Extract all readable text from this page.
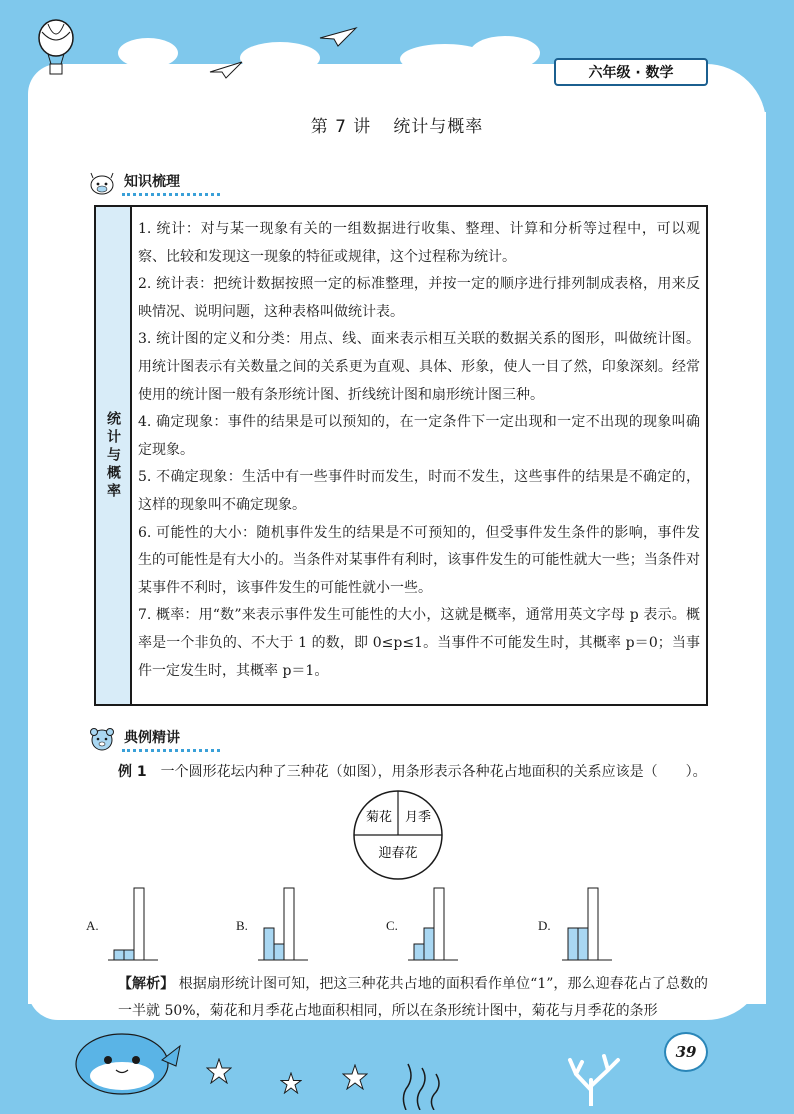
六年级 · 数学
第 7 讲 统计与概率
知识梳理
统计与概率
1. 统计：对与某一现象有关的一组数据进行收集、整理、计算和分析等过程中，可以观察、比较和发现这一现象的特征或规律，这个过程称为统计。
2. 统计表：把统计数据按照一定的标准整理，并按一定的顺序进行排列制成表格，用来反映情况、说明问题，这种表格叫做统计表。
3. 统计图的定义和分类：用点、线、面来表示相互关联的数据关系的图形，叫做统计图。用统计图表示有关数量之间的关系更为直观、具体、形象，使人一目了然，印象深刻。经常使用的统计图一般有条形统计图、折线统计图和扇形统计图三种。
4. 确定现象：事件的结果是可以预知的，在一定条件下一定出现和一定不出现的现象叫确定现象。
5. 不确定现象：生活中有一些事件时而发生，时而不发生，这些事件的结果是不确定的，这样的现象叫不确定现象。
6. 可能性的大小：随机事件发生的结果是不可预知的，但受事件发生条件的影响，事件发生的可能性是有大小的。当条件对某事件有利时，该事件发生的可能性就大一些；当条件对某事件不利时，该事件发生的可能性就小一些。
7. 概率：用“数”来表示事件发生可能性的大小，这就是概率，通常用英文字母 p 表示。概率是一个非负的、不大于 1 的数，即 0≤p≤1。当事件不可能发生时，其概率 p＝0；当事件一定发生时，其概率 p＝1。
典例精讲
例 1 一个圆形花坛内种了三种花（如图），用条形表示各种花占地面积的关系应该是（　　）。
菊花 月季
迎春花
A.	B.	C.	D.
【解析】 根据扇形统计图可知，把这三种花共占地的面积看作单位“1”，那么迎春花占了总数的一半就 50%，菊花和月季花占地面积相同，所以在条形统计图中，菊花与月季花的条形
39
